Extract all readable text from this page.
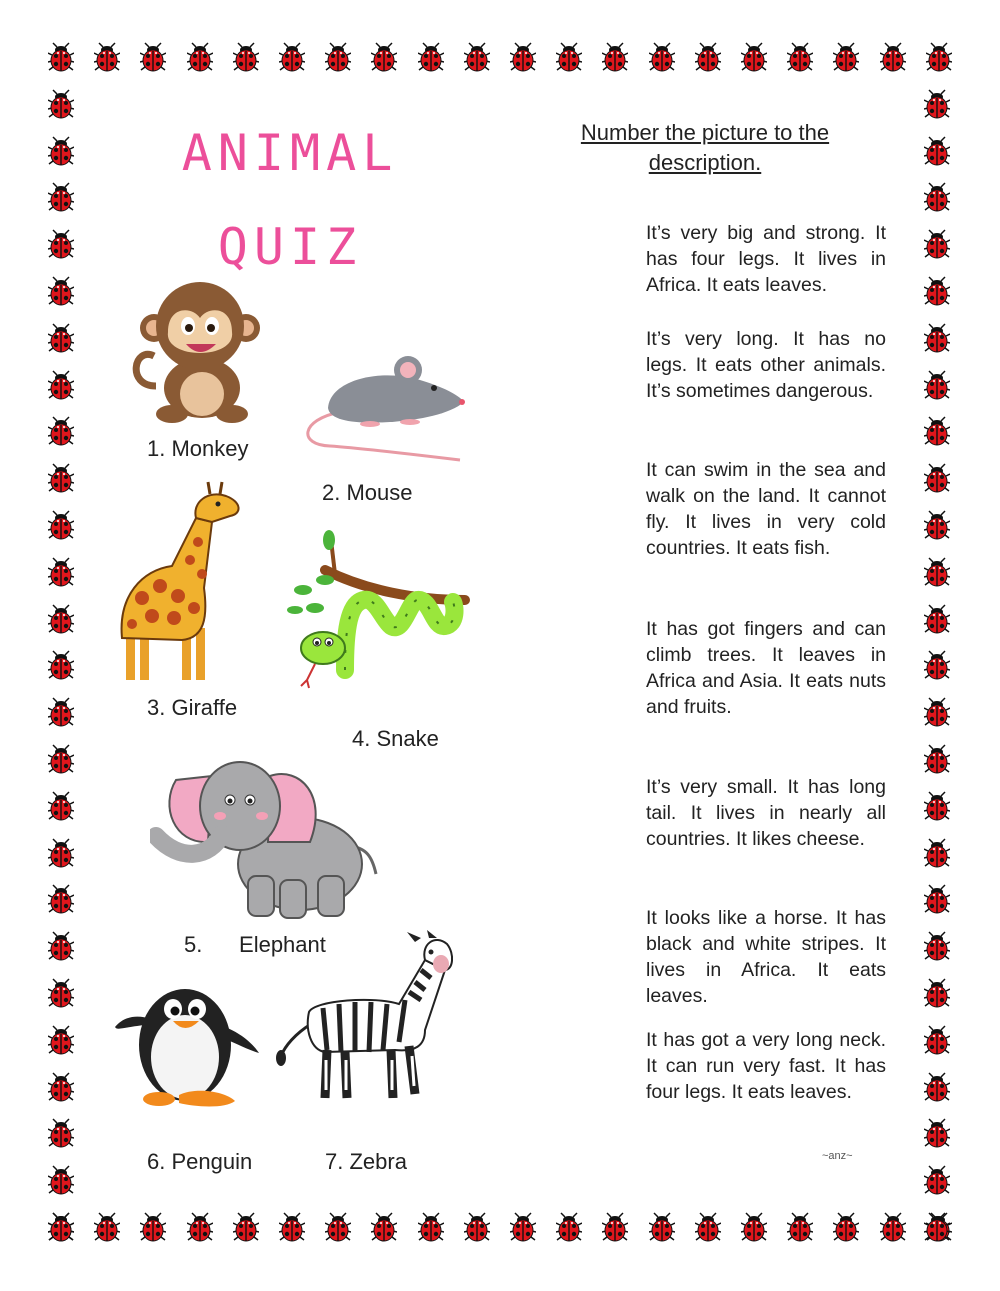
ANIMAL
QUIZ
Number the picture to the description.
It’s very big and strong. It has four legs. It lives in Africa. It eats leaves.
It’s very long. It has no legs. It eats other animals. It’s sometimes dangerous.
It can swim in the sea and walk on the land. It cannot fly. It lives in very cold countries. It eats fish.
It has got fingers and can climb trees. It leaves in Africa and Asia. It eats nuts and fruits.
It’s very small. It has long tail. It lives in nearly all countries. It likes cheese.
It looks like a horse. It has black and white stripes. It lives in Africa. It eats leaves.
It has got a very long neck. It can run very fast. It has four legs. It eats leaves.
1. Monkey
2. Mouse
3. Giraffe
4. Snake
5.      Elephant
6. Penguin	7. Zebra	~anz~
